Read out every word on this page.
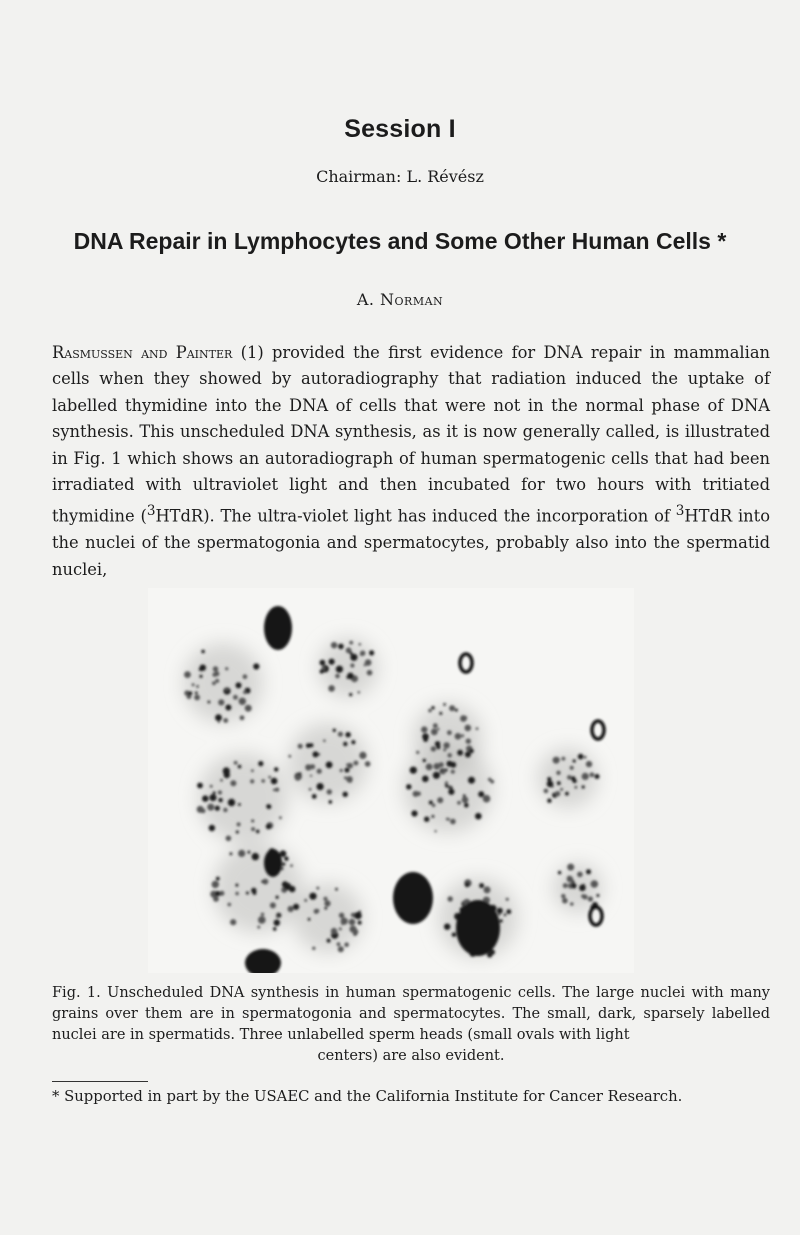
Session I
Chairman: L. Révész
DNA Repair in Lymphocytes and Some Other Human Cells *
A. Norman
Rasmussen and Painter (1) provided the first evidence for DNA repair in mammalian cells when they showed by autoradiography that radiation induced the uptake of labelled thymidine into the DNA of cells that were not in the normal phase of DNA synthesis. This unscheduled DNA synthesis, as it is now generally called, is illustrated in Fig. 1 which shows an autoradiograph of human spermatogenic cells that had been irradiated with ultraviolet light and then incubated for two hours with tritiated thymidine ($^3$HTdR). The ultra-violet light has induced the incorporation of $^3$HTdR into the nuclei of the spermatogonia and spermatocytes, probably also into the spermatid nuclei,
Fig. 1. Unscheduled DNA synthesis in human spermatogenic cells. The large nuclei with many grains over them are in spermatogonia and spermatocytes. The small, dark, sparsely labelled nuclei are in spermatids. Three unlabelled sperm heads (small ovals with light
centers) are also evident.
* Supported in part by the USAEC and the California Institute for Cancer Research.
